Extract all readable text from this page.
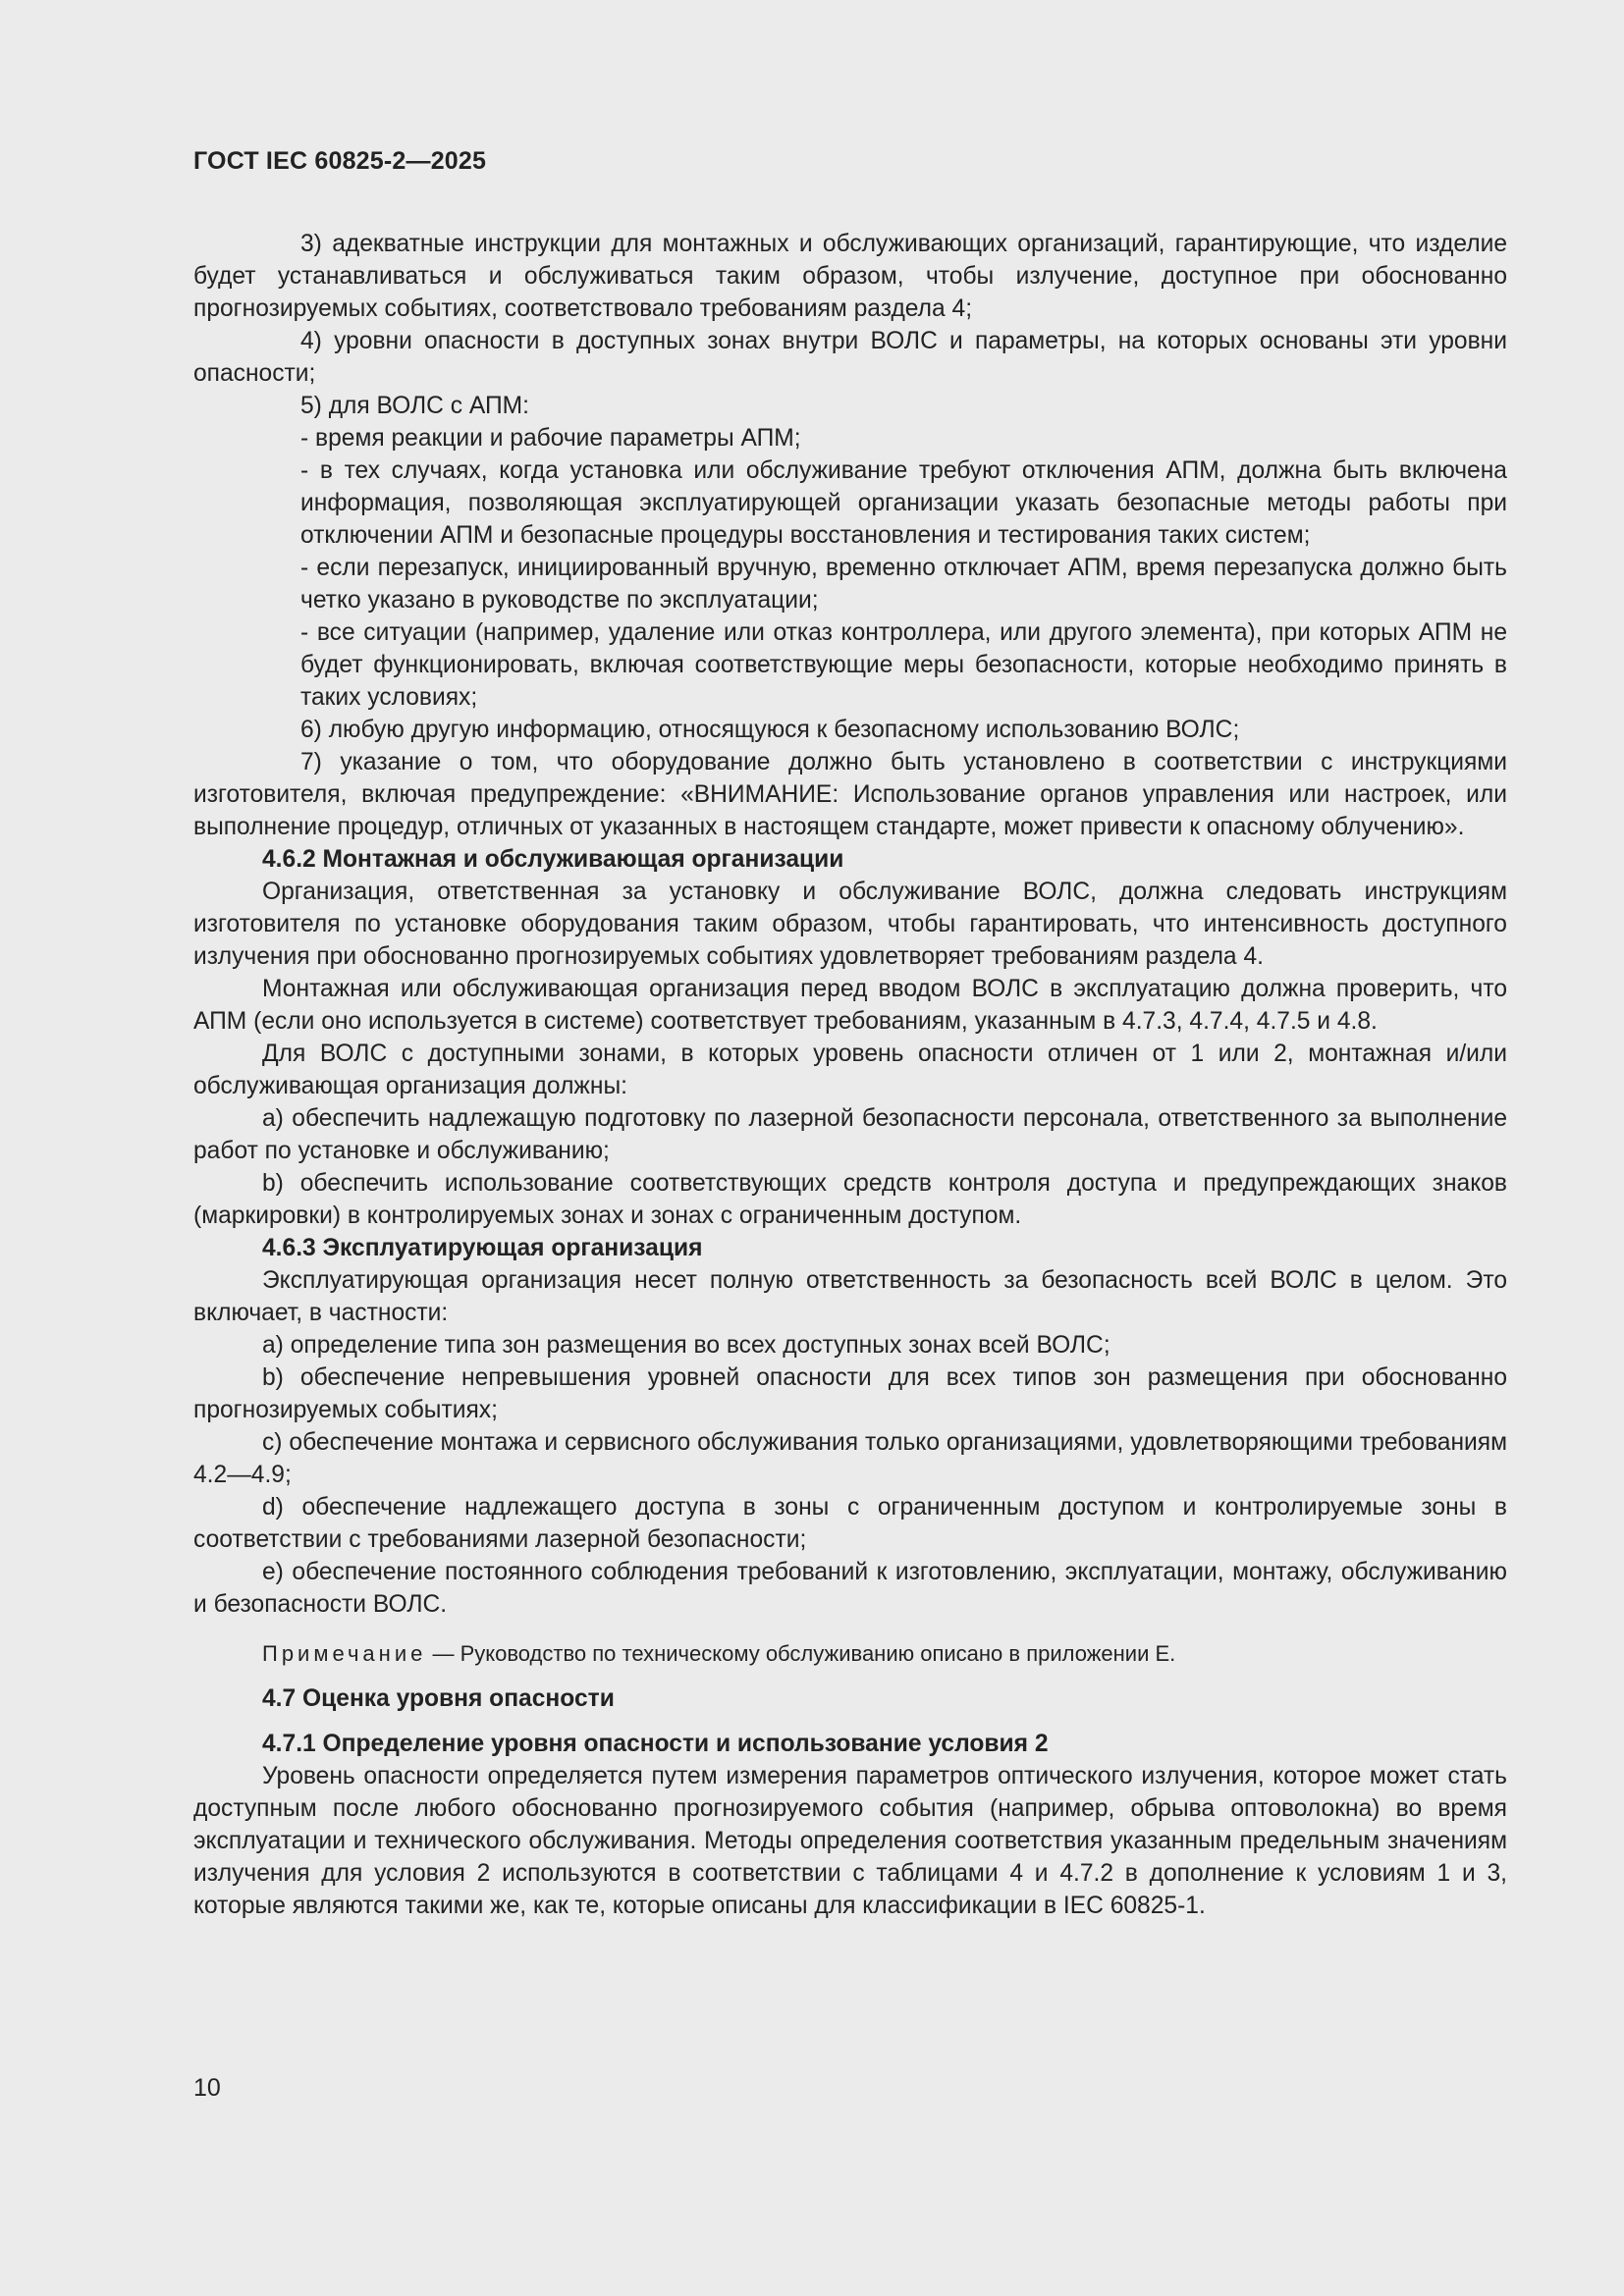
ГОСТ IEC 60825-2—2025

3) адекватные инструкции для монтажных и обслуживающих организаций, гарантирующие, что изделие будет устанавливаться и обслуживаться таким образом, чтобы излучение, доступное при обоснованно прогнозируемых событиях, соответствовало требованиям раздела 4;

4) уровни опасности в доступных зонах внутри ВОЛС и параметры, на которых основаны эти уровни опасности;

5) для ВОЛС с АПМ:

- время реакции и рабочие параметры АПМ;

- в тех случаях, когда установка или обслуживание требуют отключения АПМ, должна быть включена информация, позволяющая эксплуатирующей организации указать безопасные методы работы при отключении АПМ и безопасные процедуры восстановления и тестирования таких систем;

- если перезапуск, инициированный вручную, временно отключает АПМ, время перезапуска должно быть четко указано в руководстве по эксплуатации;

- все ситуации (например, удаление или отказ контроллера, или другого элемента), при которых АПМ не будет функционировать, включая соответствующие меры безопасности, которые необходимо принять в таких условиях;

6) любую другую информацию, относящуюся к безопасному использованию ВОЛС;

7) указание о том, что оборудование должно быть установлено в соответствии с инструкциями изготовителя, включая предупреждение: «ВНИМАНИЕ: Использование органов управления или настроек, или выполнение процедур, отличных от указанных в настоящем стандарте, может привести к опасному облучению».

4.6.2 Монтажная и обслуживающая организации

Организация, ответственная за установку и обслуживание ВОЛС, должна следовать инструкциям изготовителя по установке оборудования таким образом, чтобы гарантировать, что интенсивность доступного излучения при обоснованно прогнозируемых событиях удовлетворяет требованиям раздела 4.

Монтажная или обслуживающая организация перед вводом ВОЛС в эксплуатацию должна проверить, что АПМ (если оно используется в системе) соответствует требованиям, указанным в 4.7.3, 4.7.4, 4.7.5 и 4.8.

Для ВОЛС с доступными зонами, в которых уровень опасности отличен от 1 или 2, монтажная и/или обслуживающая организация должны:

a) обеспечить надлежащую подготовку по лазерной безопасности персонала, ответственного за выполнение работ по установке и обслуживанию;

b) обеспечить использование соответствующих средств контроля доступа и предупреждающих знаков (маркировки) в контролируемых зонах и зонах с ограниченным доступом.

4.6.3 Эксплуатирующая организация

Эксплуатирующая организация несет полную ответственность за безопасность всей ВОЛС в целом. Это включает, в частности:

a) определение типа зон размещения во всех доступных зонах всей ВОЛС;

b) обеспечение непревышения уровней опасности для всех типов зон размещения при обоснованно прогнозируемых событиях;

c) обеспечение монтажа и сервисного обслуживания только организациями, удовлетворяющими требованиям 4.2—4.9;

d) обеспечение надлежащего доступа в зоны с ограниченным доступом и контролируемые зоны в соответствии с требованиями лазерной безопасности;

e) обеспечение постоянного соблюдения требований к изготовлению, эксплуатации, монтажу, обслуживанию и безопасности ВОЛС.

Примечание — Руководство по техническому обслуживанию описано в приложении Е.

4.7 Оценка уровня опасности

4.7.1 Определение уровня опасности и использование условия 2

Уровень опасности определяется путем измерения параметров оптического излучения, которое может стать доступным после любого обоснованно прогнозируемого события (например, обрыва оптоволокна) во время эксплуатации и технического обслуживания. Методы определения соответствия указанным предельным значениям излучения для условия 2 используются в соответствии с таблицами 4 и 4.7.2 в дополнение к условиям 1 и 3, которые являются такими же, как те, которые описаны для классификации в IEC 60825-1.

10
